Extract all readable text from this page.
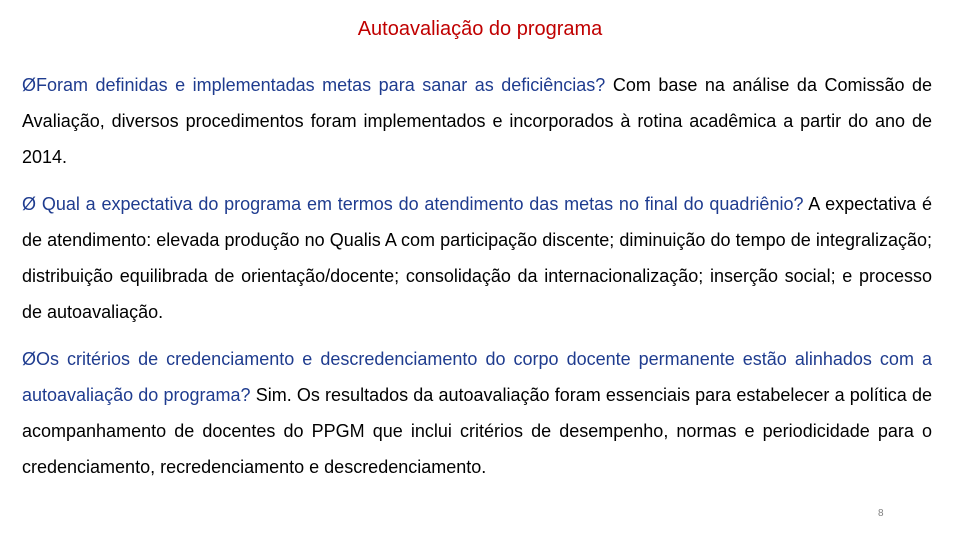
Autoavaliação do programa
ØForam definidas e implementadas metas para sanar as deficiências? Com base na análise da Comissão de Avaliação, diversos procedimentos foram implementados e incorporados à rotina acadêmica a partir do ano de 2014.
Ø Qual a expectativa do programa em termos do atendimento das metas no final do quadriênio? A expectativa é de atendimento: elevada produção no Qualis A com participação discente; diminuição do tempo de integralização; distribuição equilibrada de orientação/docente; consolidação da internacionalização; inserção social; e processo de autoavaliação.
ØOs critérios de credenciamento e descredenciamento do corpo docente permanente estão alinhados com a autoavaliação do programa? Sim. Os resultados da autoavaliação foram essenciais para estabelecer a política de acompanhamento de docentes do PPGM que inclui critérios de desempenho, normas e periodicidade para o credenciamento, recredenciamento e descredenciamento.
8
